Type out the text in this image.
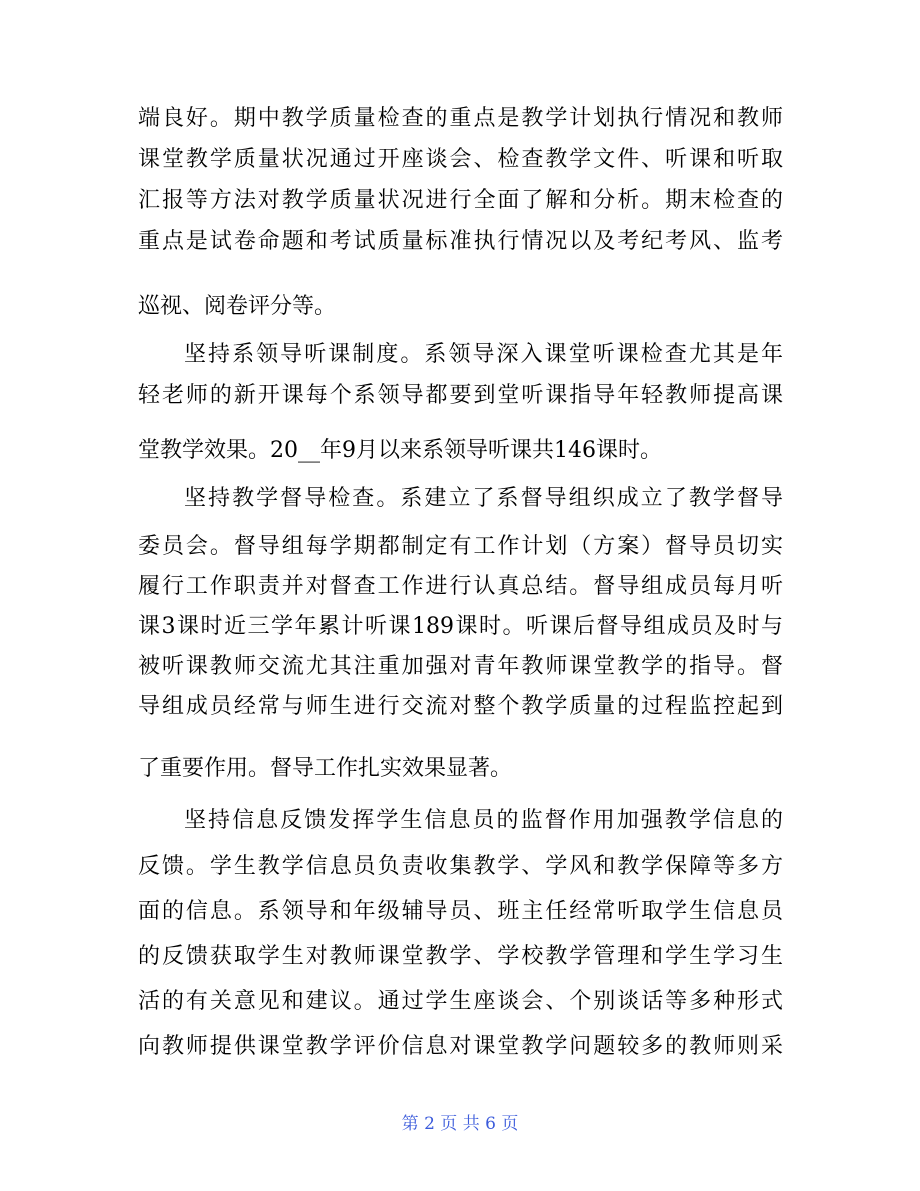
端良好。期中教学质量检查的重点是教学计划执行情况和教师
课堂教学质量状况通过开座谈会、检查教学文件、听课和听取
汇报等方法对教学质量状况进行全面了解和分析。期末检查的
重点是试卷命题和考试质量标准执行情况以及考纪考风、监考
巡视、阅卷评分等。
坚持系领导听课制度。系领导深入课堂听课检查尤其是年
轻老师的新开课每个系领导都要到堂听课指导年轻教师提高课
堂教学效果。20__年9月以来系领导听课共146课时。
坚持教学督导检查。系建立了系督导组织成立了教学督导
委员会。督导组每学期都制定有工作计划（方案）督导员切实
履行工作职责并对督查工作进行认真总结。督导组成员每月听
课3课时近三学年累计听课189课时。听课后督导组成员及时与
被听课教师交流尤其注重加强对青年教师课堂教学的指导。督
导组成员经常与师生进行交流对整个教学质量的过程监控起到
了重要作用。督导工作扎实效果显著。
坚持信息反馈发挥学生信息员的监督作用加强教学信息的
反馈。学生教学信息员负责收集教学、学风和教学保障等多方
面的信息。系领导和年级辅导员、班主任经常听取学生信息员
的反馈获取学生对教师课堂教学、学校教学管理和学生学习生
活的有关意见和建议。通过学生座谈会、个别谈话等多种形式
向教师提供课堂教学评价信息对课堂教学问题较多的教师则采
第 2 页 共 6 页
